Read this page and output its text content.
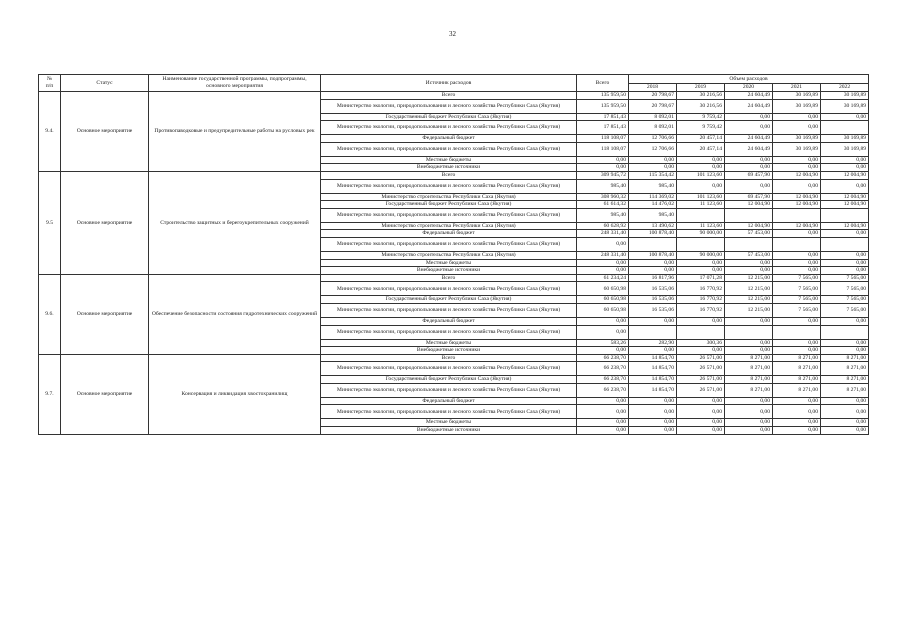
32
№
п/п	Статус	Наименование государственной программы, подпрограммы, основного мероприятия	Источник расходов	Всего	Объем расходов				
					2018	2019	2020	2021	2022
9.4.	Основное мероприятие	Противопаводковые и предупредительные работы на русловых рек	Всего	135 959,50	20 798,67	30 216,56	24 604,49	30 169,89	30 169,89
			Министерство экологии, природопользования и лесного хозяйства Республики Саха (Якутия)	135 959,50	20 798,67	30 216,56	24 604,49	30 169,89	30 169,89
			Государственный бюджет Республики Саха (Якутия)	17 851,43	8 092,01	9 759,42	0,00	0,00	0,00
			Министерство экологии, природопользования и лесного хозяйства Республики Саха (Якутия)	17 851,43	8 092,01	9 759,42	0,00	0,00	
			Федеральный бюджет	118 108,07	12 706,66	20 457,14	24 604,49	30 169,89	30 169,89
			Министерство экологии, природопользования и лесного хозяйства Республики Саха (Якутия)	118 108,07	12 706,66	20 457,14	24 604,49	30 169,89	30 169,89
			Местные бюджеты	0,00	0,00	0,00	0,00	0,00	0,00
			Внебюджетные источники	0,00	0,00	0,00	0,00	0,00	0,00
9.5	Основное мероприятие	Строительство защитных и берегоукрепительных сооружений	Всего	309 945,72	115 354,42	101 123,60	69 457,90	12 004,90	12 004,90
			Министерство экологии, природопользования и лесного хозяйства Республики Саха (Якутия)	985,40	985,40	0,00	0,00	0,00	0,00
			Министерство строительства Республики Саха (Якутия)	308 960,32	114 369,02	101 123,60	69 457,90	12 004,90	12 004,90
			Государственный бюджет Республики Саха (Якутия)	61 614,32	14 476,02	11 123,60	12 004,90	12 004,90	12 004,90
			Министерство экологии, природопользования и лесного хозяйства Республики Саха (Якутия)	985,40	985,40				
			Министерство строительства Республики Саха (Якутия)	60 628,92	13 490,62	11 123,60	12 004,90	12 004,90	12 004,90
			Федеральный бюджет	248 331,40	100 878,40	90 000,00	57 453,00	0,00	0,00
			Министерство экологии, природопользования и лесного хозяйства Республики Саха (Якутия)	0,00					
			Министерство строительства Республики Саха (Якутия)	248 331,40	100 878,40	90 000,00	57 453,00	0,00	0,00
			Местные бюджеты	0,00	0,00	0,00	0,00	0,00	0,00
			Внебюджетные источники	0,00	0,00	0,00	0,00	0,00	0,00
9.6.	Основное мероприятие	Обеспечение безопасности состояния гидротехнических сооружений	Всего	61 234,24	16 817,96	17 071,28	12 215,00	7 565,00	7 565,00
			Министерство экологии, природопользования и лесного хозяйства Республики Саха (Якутия)	60 650,98	16 535,06	16 770,92	12 215,00	7 565,00	7 565,00
			Государственный бюджет Республики Саха (Якутия)	60 650,98	16 535,06	16 770,92	12 215,00	7 565,00	7 565,00
			Министерство экологии, природопользования и лесного хозяйства Республики Саха (Якутия)	60 650,98	16 535,06	16 770,92	12 215,00	7 565,00	7 565,00
			Федеральный бюджет	0,00	0,00	0,00	0,00	0,00	0,00
			Министерство экологии, природопользования и лесного хозяйства Республики Саха (Якутия)	0,00					
			Местные бюджеты	583,26	282,90	300,36	0,00	0,00	0,00
			Внебюджетные источники	0,00	0,00	0,00	0,00	0,00	0,00
9.7.	Основное мероприятие	Консервация и ликвидация хвостохранилищ	Всего	66 238,70	14 854,70	26 571,00	8 271,00	8 271,00	8 271,00
			Министерство экологии, природопользования и лесного хозяйства Республики Саха (Якутия)	66 238,70	14 854,70	26 571,00	8 271,00	8 271,00	8 271,00
			Государственный бюджет Республики Саха (Якутия)	66 238,70	14 854,70	26 571,00	8 271,00	8 271,00	8 271,00
			Министерство экологии, природопользования и лесного хозяйства Республики Саха (Якутия)	66 238,70	14 854,70	26 571,00	8 271,00	8 271,00	8 271,00
			Федеральный бюджет	0,00	0,00	0,00	0,00	0,00	0,00
			Министерство экологии, природопользования и лесного хозяйства Республики Саха (Якутия)	0,00	0,00	0,00	0,00	0,00	0,00
			Местные бюджеты	0,00	0,00	0,00	0,00	0,00	0,00
			Внебюджетные источники	0,00	0,00	0,00	0,00	0,00	0,00
